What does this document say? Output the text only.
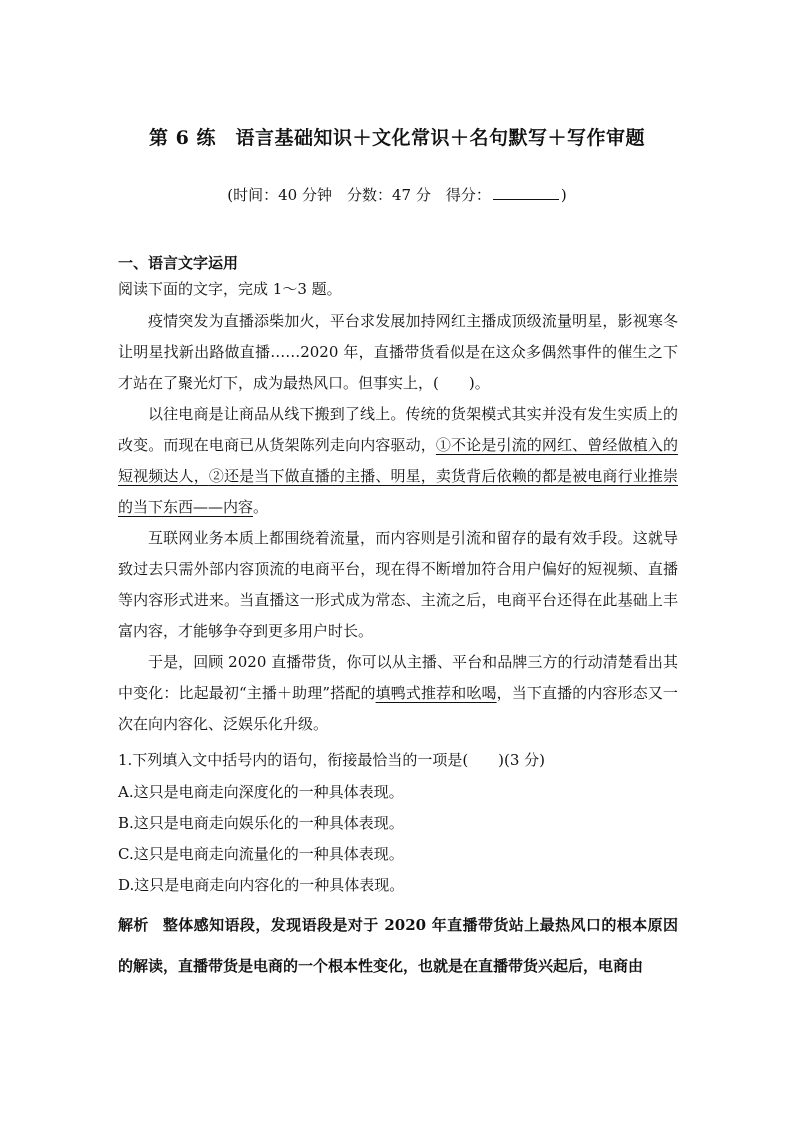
第 6 练　语言基础知识＋文化常识＋名句默写＋写作审题
(时间：40 分钟　分数：47 分　得分：	)

一、语言文字运用

阅读下面的文字，完成 1～3 题。

疫情突发为直播添柴加火，平台求发展加持网红主播成顶级流量明星，影视寒冬让明星找新出路做直播……2020 年，直播带货看似是在这众多偶然事件的催生之下才站在了聚光灯下，成为最热风口。但事实上，(　　)。

以往电商是让商品从线下搬到了线上。传统的货架模式其实并没有发生实质上的改变。而现在电商已从货架陈列走向内容驱动，①不论是引流的网红、曾经做植入的短视频达人，②还是当下做直播的主播、明星，卖货背后依赖的都是被电商行业推崇的当下东西——内容。

互联网业务本质上都围绕着流量，而内容则是引流和留存的最有效手段。这就导致过去只需外部内容顶流的电商平台，现在得不断增加符合用户偏好的短视频、直播等内容形式进来。当直播这一形式成为常态、主流之后，电商平台还得在此基础上丰富内容，才能够争夺到更多用户时长。

于是，回顾 2020 直播带货，你可以从主播、平台和品牌三方的行动清楚看出其中变化：比起最初“主播＋助理”搭配的填鸭式推荐和吆喝，当下直播的内容形态又一次在向内容化、泛娱乐化升级。

1.下列填入文中括号内的语句，衔接最恰当的一项是(　　)(3 分)

A.这只是电商走向深度化的一种具体表现。

B.这只是电商走向娱乐化的一种具体表现。

C.这只是电商走向流量化的一种具体表现。

D.这只是电商走向内容化的一种具体表现。

解析 整体感知语段，发现语段是对于 2020 年直播带货站上最热风口的根本原因的解读，直播带货是电商的一个根本性变化，也就是在直播带货兴起后，电商由
